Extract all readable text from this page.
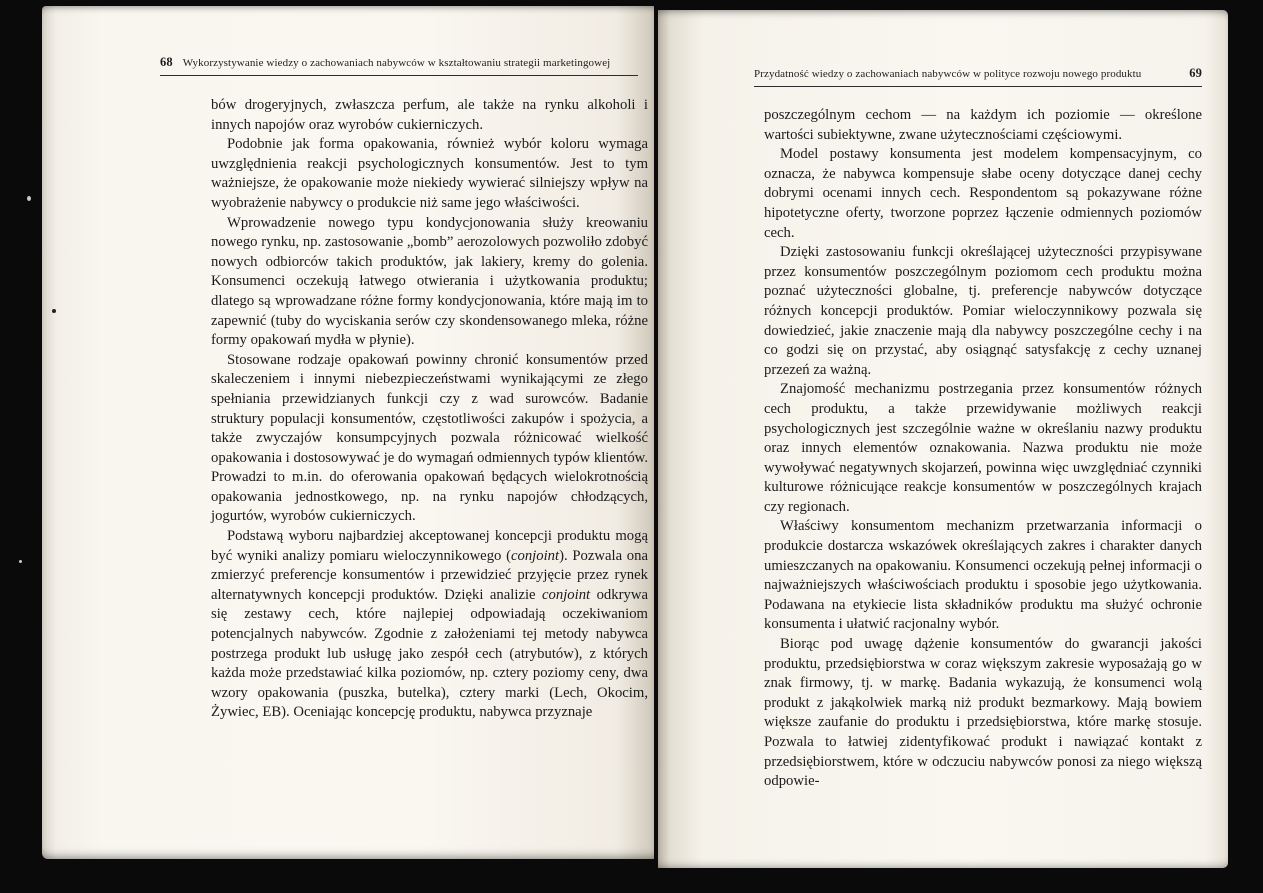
68 Wykorzystywanie wiedzy o zachowaniach nabywców w kształtowaniu strategii marketingowej

bów drogeryjnych, zwłaszcza perfum, ale także na rynku alkoholi i innych napojów oraz wyrobów cukierniczych.

Podobnie jak forma opakowania, również wybór koloru wymaga uwzględnienia reakcji psychologicznych konsumentów. Jest to tym ważniejsze, że opakowanie może niekiedy wywierać silniejszy wpływ na wyobrażenie nabywcy o produkcie niż same jego właściwości.

Wprowadzenie nowego typu kondycjonowania służy kreowaniu nowego rynku, np. zastosowanie „bomb” aerozolowych pozwoliło zdobyć nowych odbiorców takich produktów, jak lakiery, kremy do golenia. Konsumenci oczekują łatwego otwierania i użytkowania produktu; dlatego są wprowadzane różne formy kondycjonowania, które mają im to zapewnić (tuby do wyciskania serów czy skondensowanego mleka, różne formy opakowań mydła w płynie).

Stosowane rodzaje opakowań powinny chronić konsumentów przed skaleczeniem i innymi niebezpieczeństwami wynikającymi ze złego spełniania przewidzianych funkcji czy z wad surowców. Badanie struktury populacji konsumentów, częstotliwości zakupów i spożycia, a także zwyczajów konsumpcyjnych pozwala różnicować wielkość opakowania i dostosowywać je do wymagań odmiennych typów klientów. Prowadzi to m.in. do oferowania opakowań będących wielokrotnością opakowania jednostkowego, np. na rynku napojów chłodzących, jogurtów, wyrobów cukierniczych.

Podstawą wyboru najbardziej akceptowanej koncepcji produktu mogą być wyniki analizy pomiaru wieloczynnikowego (conjoint). Pozwala ona zmierzyć preferencje konsumentów i przewidzieć przyjęcie przez rynek alternatywnych koncepcji produktów. Dzięki analizie conjoint odkrywa się zestawy cech, które najlepiej odpowiadają oczekiwaniom potencjalnych nabywców. Zgodnie z założeniami tej metody nabywca postrzega produkt lub usługę jako zespół cech (atrybutów), z których każda może przedstawiać kilka poziomów, np. cztery poziomy ceny, dwa wzory opakowania (puszka, butelka), cztery marki (Lech, Okocim, Żywiec, EB). Oceniając koncepcję produktu, nabywca przyznaje

Przydatność wiedzy o zachowaniach nabywców w polityce rozwoju nowego produktu	69

poszczególnym cechom — na każdym ich poziomie — określone wartości subiektywne, zwane użytecznościami częściowymi.

Model postawy konsumenta jest modelem kompensacyjnym, co oznacza, że nabywca kompensuje słabe oceny dotyczące danej cechy dobrymi ocenami innych cech. Respondentom są pokazywane różne hipotetyczne oferty, tworzone poprzez łączenie odmiennych poziomów cech.

Dzięki zastosowaniu funkcji określającej użyteczności przypisywane przez konsumentów poszczególnym poziomom cech produktu można poznać użyteczności globalne, tj. preferencje nabywców dotyczące różnych koncepcji produktów. Pomiar wieloczynnikowy pozwala się dowiedzieć, jakie znaczenie mają dla nabywcy poszczególne cechy i na co godzi się on przystać, aby osiągnąć satysfakcję z cechy uznanej przezeń za ważną.

Znajomość mechanizmu postrzegania przez konsumentów różnych cech produktu, a także przewidywanie możliwych reakcji psychologicznych jest szczególnie ważne w określaniu nazwy produktu oraz innych elementów oznakowania. Nazwa produktu nie może wywoływać negatywnych skojarzeń, powinna więc uwzględniać czynniki kulturowe różnicujące reakcje konsumentów w poszczególnych krajach czy regionach.

Właściwy konsumentom mechanizm przetwarzania informacji o produkcie dostarcza wskazówek określających zakres i charakter danych umieszczanych na opakowaniu. Konsumenci oczekują pełnej informacji o najważniejszych właściwościach produktu i sposobie jego użytkowania. Podawana na etykiecie lista składników produktu ma służyć ochronie konsumenta i ułatwić racjonalny wybór.

Biorąc pod uwagę dążenie konsumentów do gwarancji jakości produktu, przedsiębiorstwa w coraz większym zakresie wyposażają go w znak firmowy, tj. w markę. Badania wykazują, że konsumenci wolą produkt z jakąkolwiek marką niż produkt bezmarkowy. Mają bowiem większe zaufanie do produktu i przedsiębiorstwa, które markę stosuje. Pozwala to łatwiej zidentyfikować produkt i nawiązać kontakt z przedsiębiorstwem, które w odczuciu nabywców ponosi za niego większą odpowie-
